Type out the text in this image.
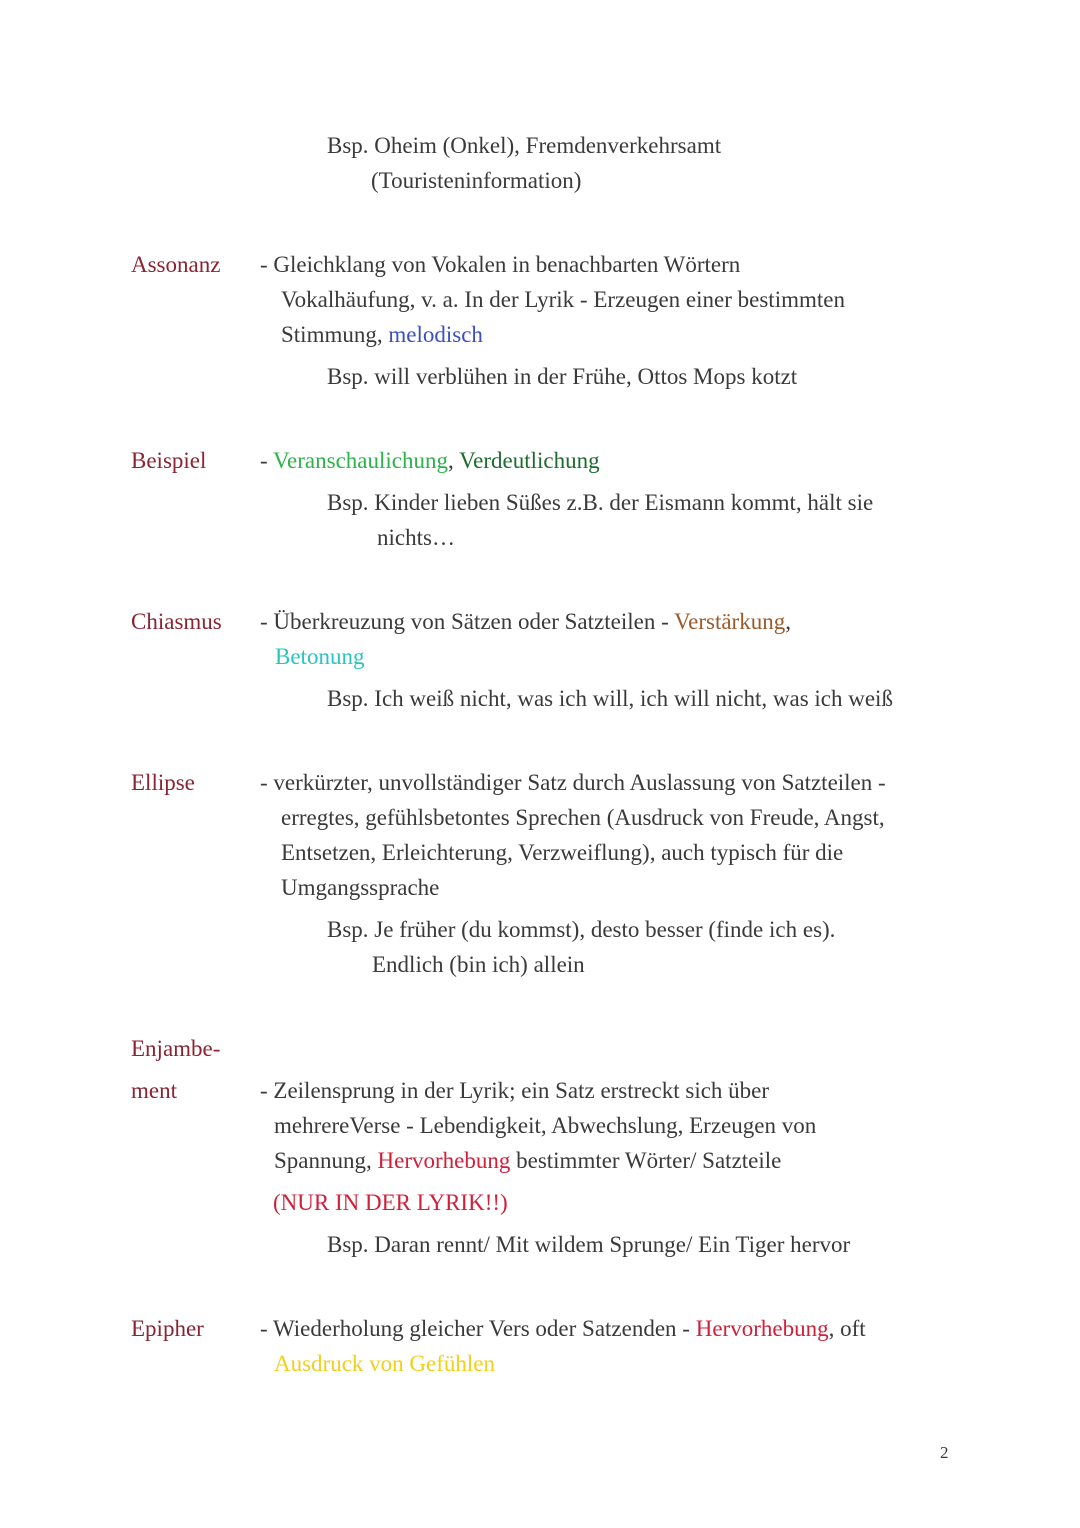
Bsp. Oheim (Onkel), Fremdenverkehrsamt
(Touristeninformation)
Assonanz - Gleichklang von Vokalen in benachbarten Wörtern
Vokalhäufung, v. a. In der Lyrik - Erzeugen einer bestimmten
Stimmung, melodisch
Bsp. will verblühen in der Frühe, Ottos Mops kotzt
Beispiel - Veranschaulichung, Verdeutlichung
Bsp. Kinder lieben Süßes z.B. der Eismann kommt, hält sie
nichts…
Chiasmus - Überkreuzung von Sätzen oder Satzteilen - Verstärkung,
Betonung
Bsp. Ich weiß nicht, was ich will, ich will nicht, was ich weiß
Ellipse	- verkürzter, unvollständiger Satz durch Auslassung von Satzteilen -
erregtes, gefühlsbetontes Sprechen (Ausdruck von Freude, Angst,
Entsetzen, Erleichterung, Verzweiflung), auch typisch für die
Umgangssprache
Bsp. Je früher (du kommst), desto besser (finde ich es).
Endlich (bin ich) allein
Enjambe-
ment	- Zeilensprung in der Lyrik; ein Satz erstreckt sich über
mehrereVerse - Lebendigkeit, Abwechslung, Erzeugen von
Spannung, Hervorhebung bestimmter Wörter/ Satzteile
(NUR IN DER LYRIK!!)
Bsp. Daran rennt/ Mit wildem Sprunge/ Ein Tiger hervor
Epipher - Wiederholung gleicher Vers oder Satzenden - Hervorhebung, oft
Ausdruck von Gefühlen
2
